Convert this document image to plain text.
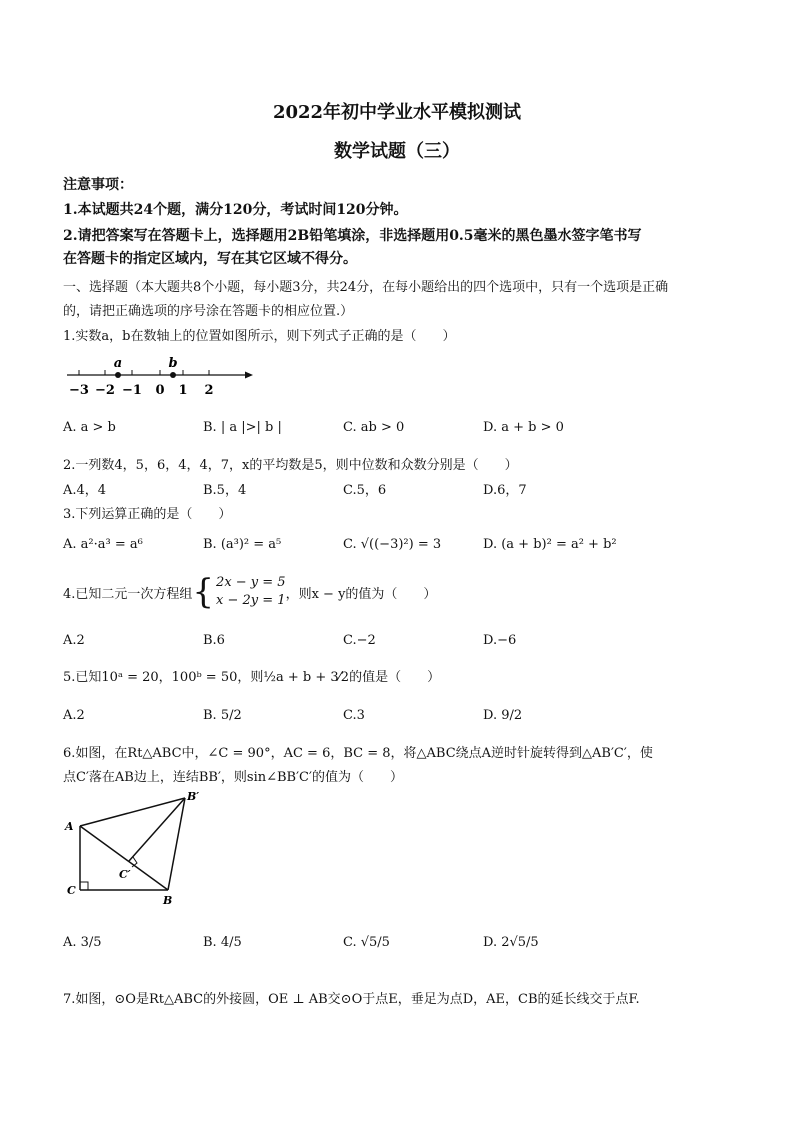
2022年初中学业水平模拟测试
数学试题（三）
注意事项：
1.本试题共24个题，满分120分，考试时间120分钟。
2.请把答案写在答题卡上，选择题用2B铅笔填涂，非选择题用0.5毫米的黑色墨水签字笔书写
在答题卡的指定区域内，写在其它区域不得分。
一、选择题（本大题共8个小题，每小题3分，共24分，在每小题给出的四个选项中，只有一个选项是正确
的，请把正确选项的序号涂在答题卡的相应位置.）
1.实数a，b在数轴上的位置如图所示，则下列式子正确的是（　　）
a	b
−3 −2 −1 0 1 2
A. a > b	B. | a |>| b |	C. ab > 0	D. a + b > 0
2.一列数4，5，6，4，4，7，x的平均数是5，则中位数和众数分别是（　　）
A.4，4	B.5，4	C.5，6	D.6，7
3.下列运算正确的是（　　）
A. a²·a³ = a⁶	B. (a³)² = a⁵	C. √((−3)²) = 3	D. (a + b)² = a² + b²
4.已知二元一次方程组 { 2x − y = 5
x − 2y = 1 ，则x − y的值为（　　）
A.2	B.6	C.−2	D.−6
5.已知10ᵃ = 20，100ᵇ = 50，则½a + b + 3⁄2的值是（　　）
A.2	B. 5/2	C.3	D. 9/2
6.如图，在Rt△ABC中，∠C = 90°，AC = 6，BC = 8，将△ABC绕点A逆时针旋转得到△AB′C′，使
点C′落在AB边上，连结BB′，则sin∠BB′C′的值为（　　）
A
B
C
B′
C′
A. 3/5	B. 4/5	C. √5/5	D. 2√5/5
7.如图，⊙O是Rt△ABC的外接圆，OE ⊥ AB交⊙O于点E，垂足为点D，AE，CB的延长线交于点F.
